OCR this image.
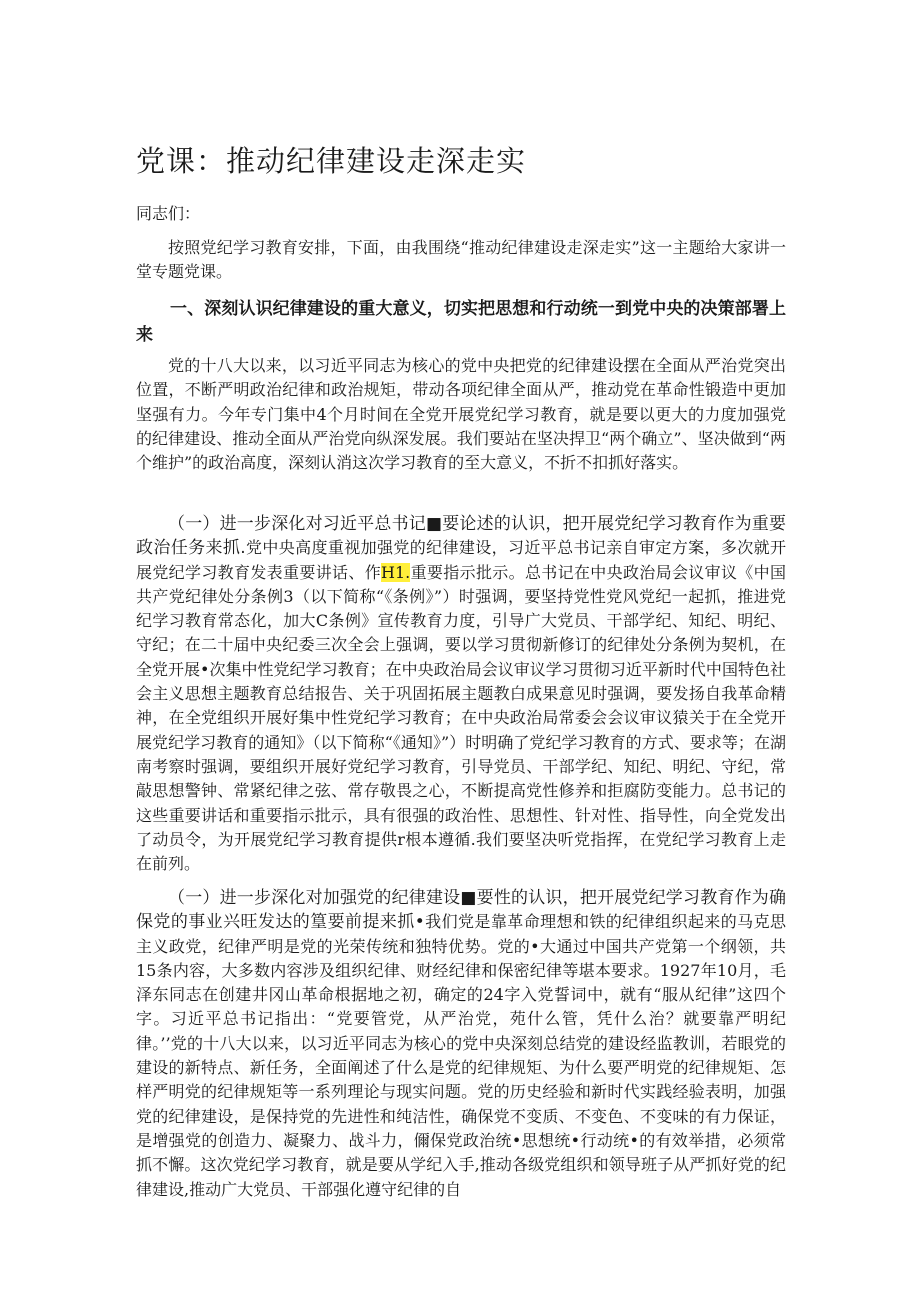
党课：推动纪律建设走深走实

同志们：

按照党纪学习教育安排，下面，由我围绕“推动纪律建设走深走实”这一主题给大家讲一堂专题党课。

一、深刻认识纪律建设的重大意义，切实把思想和行动统一到党中央的决策部署上来

党的十八大以来，以习近平同志为核心的党中央把党的纪律建设摆在全面从严治党突出位置，不断严明政治纪律和政治规矩，带动各项纪律全面从严，推动党在革命性锻造中更加坚强有力。今年专门集中4个月时间在全党开展党纪学习教育，就是要以更大的力度加强党的纪律建设、推动全面从严治党向纵深发展。我们要站在坚决捍卫“两个确立”、坚决做到“两个维护”的政治高度，深刻认消这次学习教育的至大意义，不折不扣抓好落实。

（一）进一步深化对习近平总书记■要论述的认识，把开展党纪学习教育作为重要政治任务来抓.党中央高度重视加强党的纪律建设，习近平总书记亲自审定方案，多次就开展党纪学习教育发表重要讲话、作H1.重要指示批示。总书记在中央政治局会议审议《中国共产党纪律处分条例3（以下简称“《条例》”）时强调，要坚持党性党风党纪一起抓，推进党纪学习教育常态化，加大C条例》宣传教育力度，引导广大党员、干部学纪、知纪、明纪、守纪；在二十届中央纪委三次全会上强调，要以学习贯彻新修订的纪律处分条例为契机，在全党开展•次集中性党纪学习教育；在中央政治局会议审议学习贯彻习近平新时代中国特色社会主义思想主题教育总结报告、关于巩固拓展主题教白成果意见时强调，要发扬自我革命精神，在全党组织开展好集中性党纪学习教育；在中央政治局常委会会议审议猿关于在全党开展党纪学习教育的通知》（以下简称“《通知》”）时明确了党纪学习教育的方式、要求等；在湖南考察时强调，要组织开展好党纪学习教育，引导党员、干部学纪、知纪、明纪、守纪，常敲思想警钟、常紧纪律之弦、常存敬畏之心，不断提高党性修养和拒腐防变能力。总书记的这些重要讲话和重要指示批示，具有很强的政治性、思想性、针对性、指导性，向全党发出了动员令，为开展党纪学习教育提供r根本遵循.我们要坚决听党指挥，在党纪学习教育上走在前列。

（一）进一步深化对加强党的纪律建设■要性的认识，把开展党纪学习教育作为确保党的事业兴旺发达的篁要前提来抓•我们党是靠革命理想和铁的纪律组织起来的马克思主义政党，纪律严明是党的光荣传统和独特优势。党的•大通过中国共产党第一个纲领，共15条内容，大多数内容涉及组织纪律、财经纪律和保密纪律等堪本要求。1927年10月，毛泽东同志在创建井冈山革命根据地之初，确定的24字入党誓词中，就有“服从纪律”这四个字。习近平总书记指出：“党要管党，从严治党，苑什么管，凭什么治？就要靠严明纪律。’’党的十八大以来，以习近平同志为核心的党中央深刻总结党的建设经监教训，若眼党的建设的新特点、新任务，全面阐述了什么是党的纪律规矩、为什么要严明党的纪律规矩、怎样严明党的纪律规矩等一系列理论与现实问题。党的历史经验和新时代实践经验表明，加强党的纪律建设，是保持党的先进性和纯洁性，确保党不变质、不变色、不变味的有力保证，是增强党的创造力、凝聚力、战斗力，儞保党政治统•思想统•行动统•的有效举措，必须常抓不懈。这次党纪学习教育，就是要从学纪入手,推动各级党组织和领导班子从严抓好党的纪律建设,推动广大党员、干部强化遵守纪律的自
